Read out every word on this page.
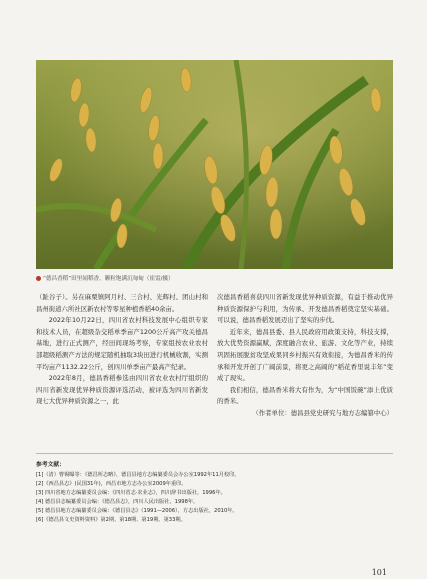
“德昌香稻”田里闻稻香，颗粒饱满沉甸甸（崔雷/摄）

（趾谷子）。另在麻栗镇阿月村、三合村、光辉村、团山村和昌州街道六所社区新农村等零星种植香稻40余亩。

2022年10月22日，四川省农村科技发展中心组织专家和技术人员，在超级杂交稻单季亩产1200公斤高产攻关德昌基地，进行正式测产，经田间现场考察，专家组按农业农村部超级稻测产方法的规定随机抽取3块田进行机械收割，实测平均亩产1132.22公斤，创四川单季亩产最高产纪录。

2022年8月，德昌香稻参选由四川省农业农村厅组织的四川省新发现优异种质资源评选活动，被评选为四川省新发现七大优异种质资源之一，此

次德昌香稻喜获四川省新发现优异种质资源，有益于推动优异种质资源保护与利用，为传承、开发德昌香稻奠定坚实基础。可以说，德昌香稻发展迈出了坚实的步伐。

近年来，德昌县委、县人民政府用政策支持，科技支撑，放大优势资源赢赋，深度融合农业、旅游、文化等产业，持续巩固拓展脱贫攻坚成果同乡村振兴有效衔接，为德昌香米的传承和开发开创了广阔前景，将更之高阔的“稻花香里说丰年”变成了现实。

我们相信，德昌香米将大有作为，为“中国饭碗”添上优质的香米。

（作者单位：德昌县党史研究与地方志编纂中心）

参考文献：
[1]（清）曹锡曝等：《德昌所志略》，德昌县地方志编纂委员会办公室1992年11月校印。
[2]《西昌县志》(民国31年)，西昌市地方志办公室2009年重印。
[3] 四川省地方志编纂委员会编：《四川省志·农业志》，四川辞书出版社，1996年。
[4] 德昌县志编纂委员会编：《德昌县志》，四川人民出版社，1998年。
[5] 德昌县地方志编纂委员会编：《德昌县志》（1991—2006），方志出版社，2010年。
[6]《德昌县文史资料资料》第2期、第18期、第19期、第33期。
101
